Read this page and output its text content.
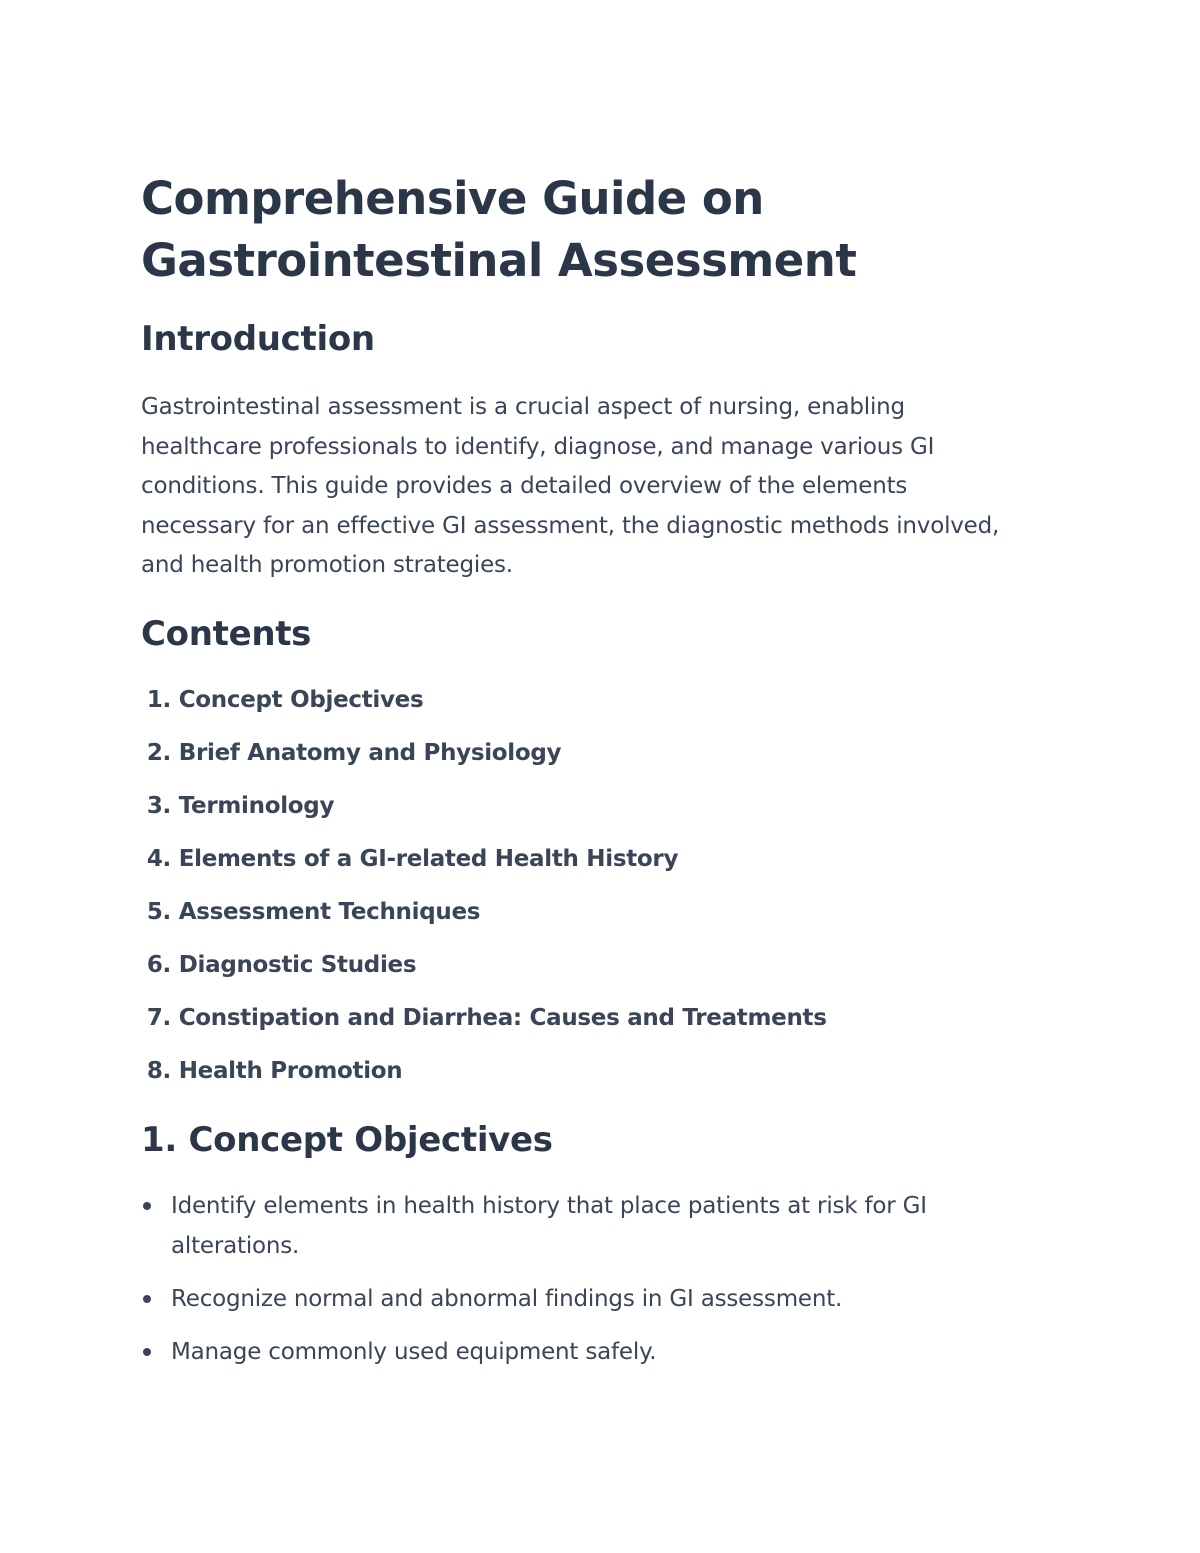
Comprehensive Guide on Gastrointestinal Assessment
Introduction

Gastrointestinal assessment is a crucial aspect of nursing, enabling healthcare professionals to identify, diagnose, and manage various GI conditions. This guide provides a detailed overview of the elements necessary for an effective GI assessment, the diagnostic methods involved, and health promotion strategies.

Contents
1.
Concept Objectives
2.
Brief Anatomy and Physiology
3.
Terminology
4.
Elements of a GI-related Health History
5.
Assessment Techniques
6.
Diagnostic Studies
7.
Constipation and Diarrhea: Causes and Treatments
8.
Health Promotion
1. Concept Objectives
Identify elements in health history that place patients at risk for GI alterations.
Recognize normal and abnormal findings in GI assessment.
Manage commonly used equipment safely.
